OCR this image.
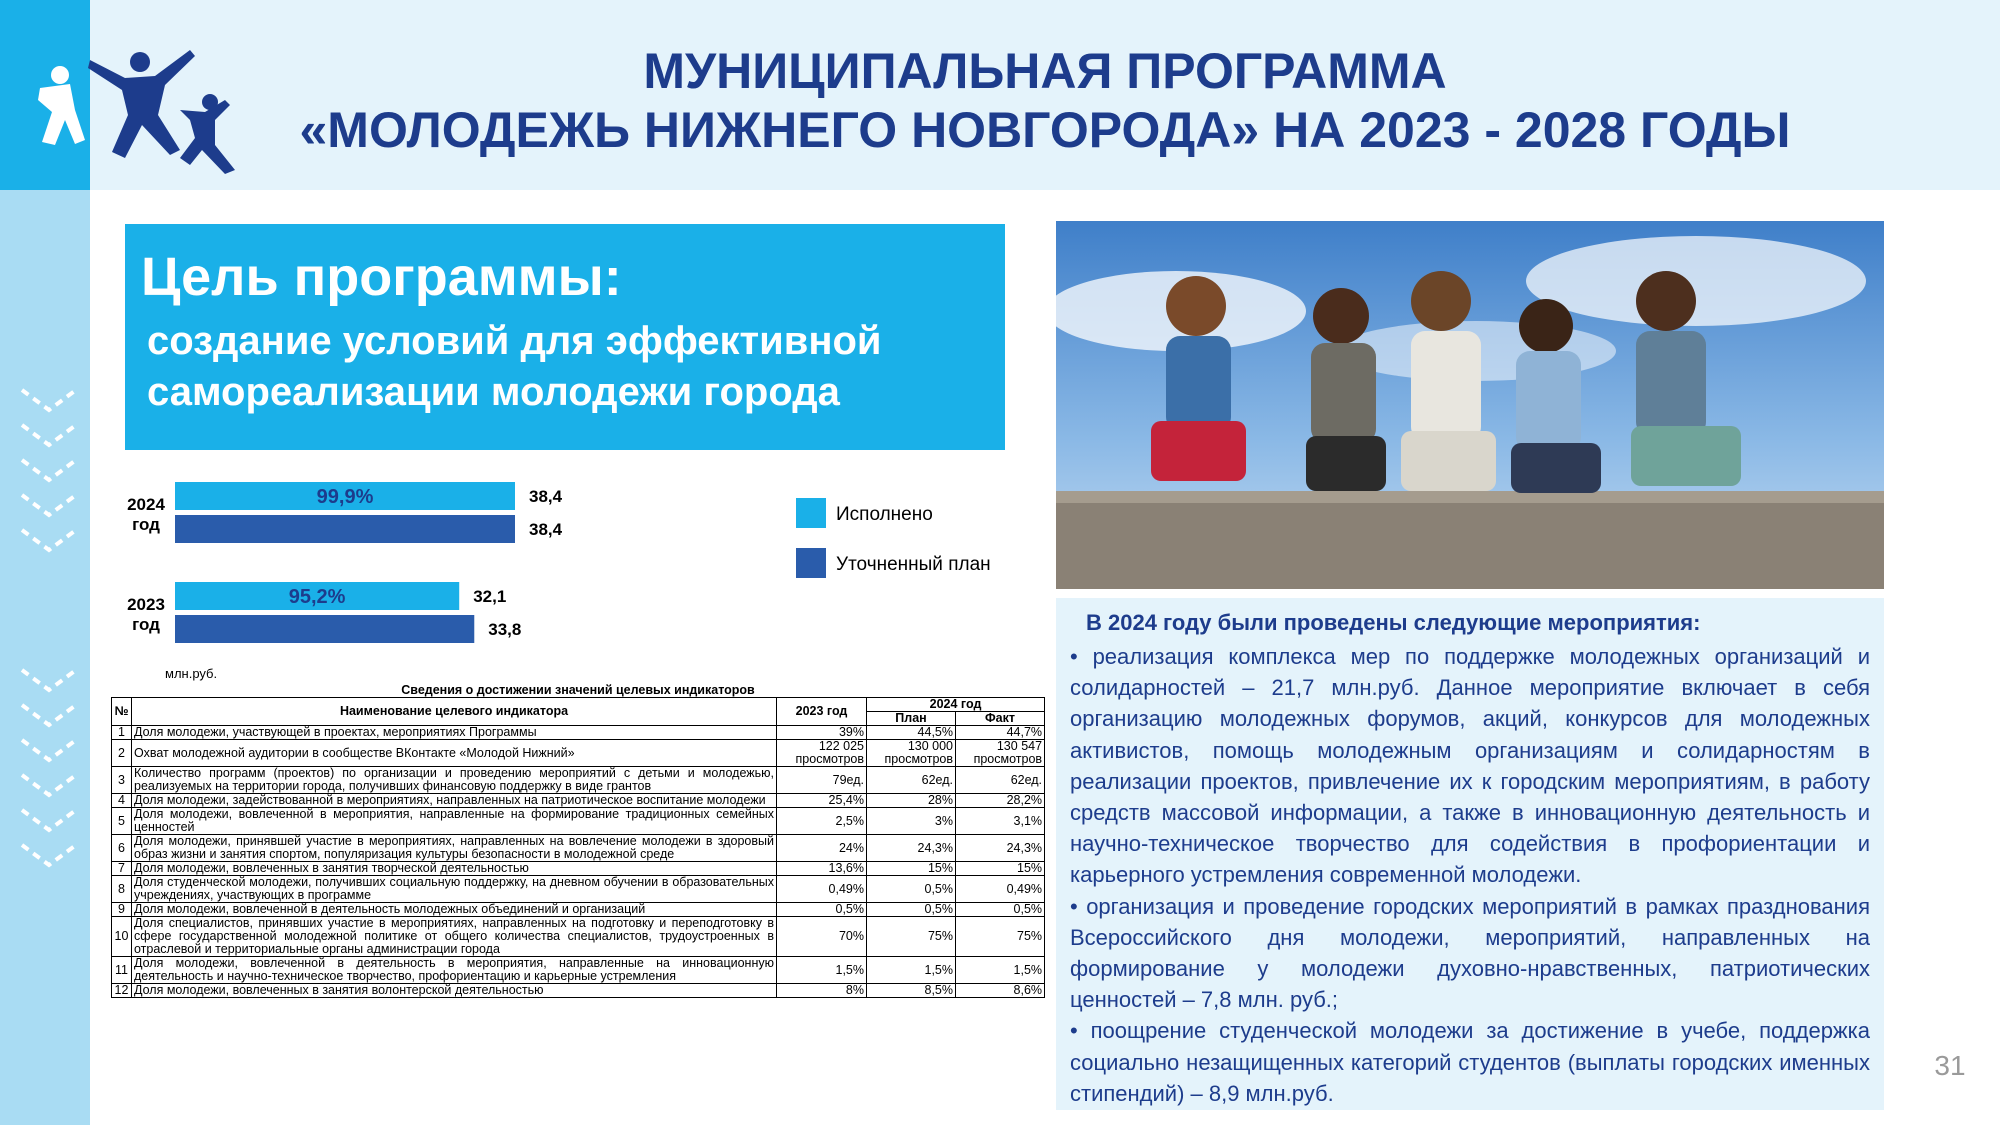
МУНИЦИПАЛЬНАЯ ПРОГРАММА
«МОЛОДЕЖЬ НИЖНЕГО НОВГОРОДА» НА 2023 - 2028 ГОДЫ
Цель программы:
создание условий для эффективной
самореализации молодежи города
2024
год
38,4
99,9%
38,4
2023
год
32,1
95,2%
33,8
млн.руб.
Исполнено
Уточненный план
Сведения о достижении значений целевых индикаторов				
№	Наименование целевого индикатора	2023 год	2024 год	
			План	Факт
1	Доля молодежи, участвующей в проектах, мероприятиях Программы	39%	44,5%	44,7%
2	Охват молодежной аудитории в сообществе ВКонтакте «Молодой Нижний»	122 025 просмотров	130 000 просмотров	130 547 просмотров
3	Количество программ (проектов) по организации и проведению мероприятий с детьми и молодежью, реализуемых на территории города, получивших финансовую поддержку в виде грантов	79ед.	62ед.	62ед.
4	Доля молодежи, задействованной в мероприятиях, направленных на патриотическое воспитание молодежи	25,4%	28%	28,2%
5	Доля молодежи, вовлеченной в мероприятия, направленные на формирование традиционных семейных ценностей	2,5%	3%	3,1%
6	Доля молодежи, принявшей участие в мероприятиях, направленных на вовлечение молодежи в здоровый образ жизни и занятия спортом, популяризация культуры безопасности в молодежной среде	24%	24,3%	24,3%
7	Доля молодежи, вовлеченных в занятия творческой деятельностью	13,6%	15%	15%
8	Доля студенческой молодежи, получивших социальную поддержку, на дневном обучении в образовательных учреждениях, участвующих в программе	0,49%	0,5%	0,49%
9	Доля молодежи, вовлеченной в деятельность молодежных объединений и организаций	0,5%	0,5%	0,5%
10	Доля специалистов, принявших участие в мероприятиях, направленных на подготовку и переподготовку в сфере государственной молодежной политике от общего количества специалистов, трудоустроенных в отраслевой и территориальные органы администрации города	70%	75%	75%
11	Доля молодежи, вовлеченной в деятельность в мероприятия, направленные на инновационную деятельность и научно-техническое творчество, профориентацию и карьерные устремления	1,5%	1,5%	1,5%
12	Доля молодежи, вовлеченных в занятия волонтерской деятельностью	8%	8,5%	8,6%
В 2024 году были проведены следующие мероприятия:

• реализация комплекса мер по поддержке молодежных организаций и солидарностей – 21,7 млн.руб. Данное мероприятие включает в себя организацию молодежных форумов, акций, конкурсов для молодежных активистов, помощь молодежным организациям и солидарностям в реализации проектов, привлечение их к городским мероприятиям, в работу средств массовой информации, а также в инновационную деятельность и научно-техническое творчество для содействия в профориентации и карьерного устремления современной молодежи.

• организация и проведение городских мероприятий в рамках празднования Всероссийского дня молодежи, мероприятий, направленных на формирование у молодежи духовно-нравственных, патриотических ценностей – 7,8 млн. руб.;

• поощрение студенческой молодежи за достижение в учебе, поддержка социально незащищенных категорий студентов (выплаты городских именных стипендий) – 8,9 млн.руб.

31
